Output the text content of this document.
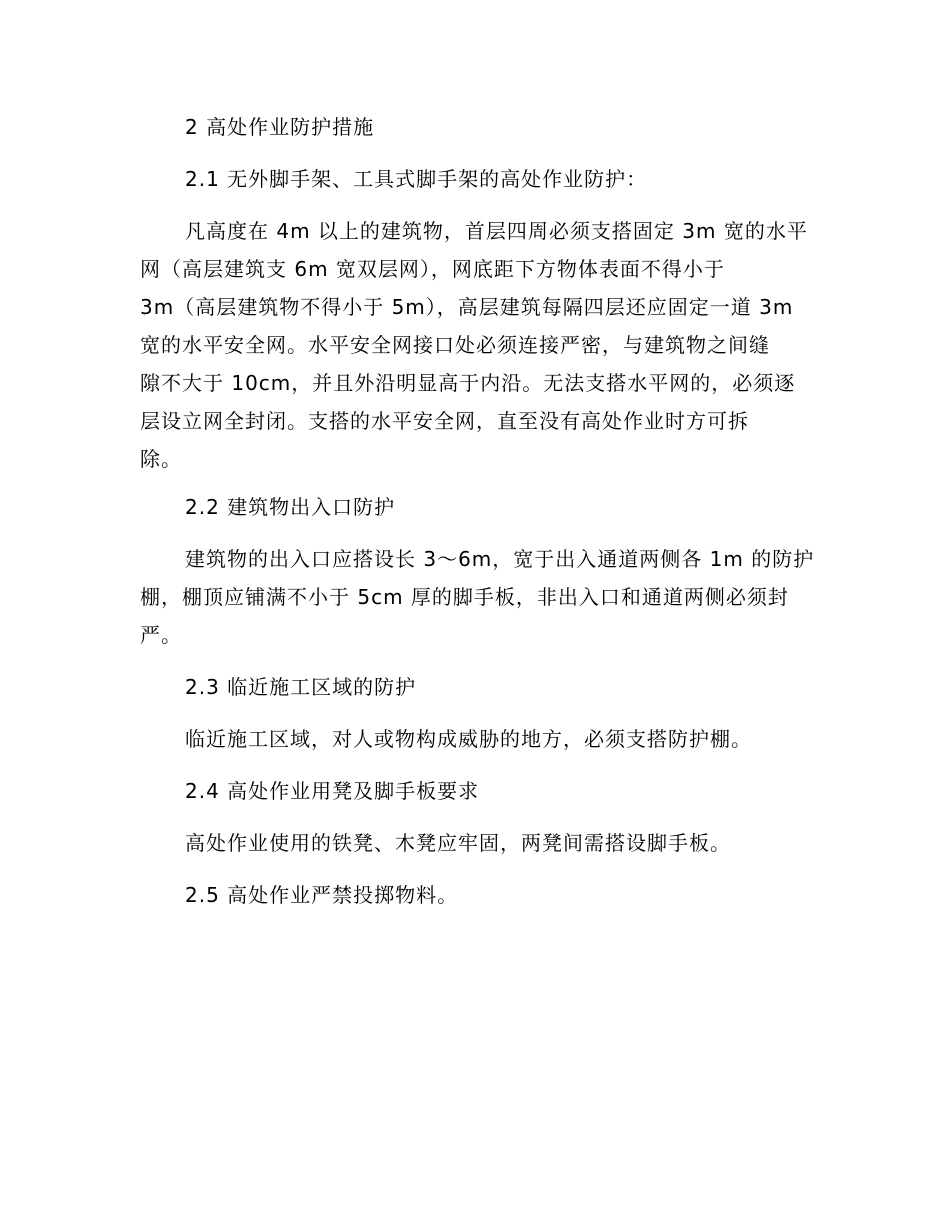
2 高处作业防护措施

2.1 无外脚手架、工具式脚手架的高处作业防护：

凡高度在 4m 以上的建筑物，首层四周必须支搭固定 3m 宽的水平

网（高层建筑支 6m 宽双层网），网底距下方物体表面不得小于

3m（高层建筑物不得小于 5m），高层建筑每隔四层还应固定一道 3m

宽的水平安全网。水平安全网接口处必须连接严密，与建筑物之间缝

隙不大于 10cm，并且外沿明显高于内沿。无法支搭水平网的，必须逐

层设立网全封闭。支搭的水平安全网，直至没有高处作业时方可拆

除。

2.2 建筑物出入口防护

建筑物的出入口应搭设长 3～6m，宽于出入通道两侧各 1m 的防护

棚，棚顶应铺满不小于 5cm 厚的脚手板，非出入口和通道两侧必须封

严。

2.3 临近施工区域的防护

临近施工区域，对人或物构成威胁的地方，必须支搭防护棚。

2.4 高处作业用凳及脚手板要求

高处作业使用的铁凳、木凳应牢固，两凳间需搭设脚手板。

2.5 高处作业严禁投掷物料。
